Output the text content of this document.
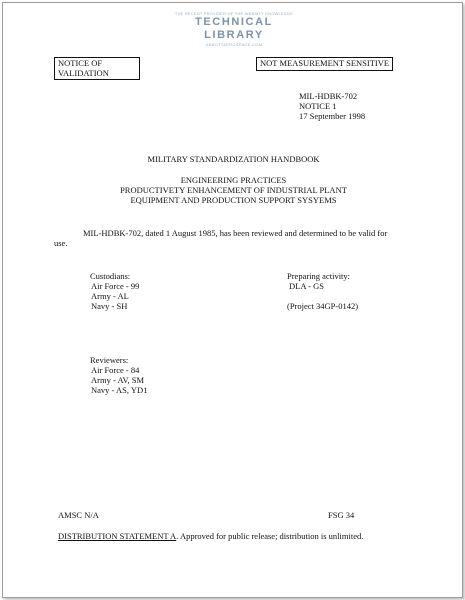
THE RECENT PROVIDER OF THE WEBSITY KNOWLEDGE
TECHNICAL LIBRARY
ABBOTTAEROSPACE.COM
NOTICE OF
VALIDATION
NOT MEASUREMENT SENSITIVE
MIL-HDBK-702
NOTICE 1
17 September 1998
MILITARY STANDARDIZATION HANDBOOK
ENGINEERING PRACTICES
PRODUCTIVETY ENHANCEMENT OF INDUSTRIAL PLANT
EQUIPMENT AND PRODUCTION SUPPORT SYSYEMS
MIL-HDBK-702, dated 1 August 1985, has been reviewed and determined to be valid for
use.
Custodians:
Air Force - 99
Army - AL
Navy - SH
Preparing activity:
DLA - GS
(Project 34GP-0142)
Reviewers:
Air Force - 84
Army - AV, SM
Navy - AS, YD1
AMSC N/A	FSG 34
DISTRIBUTION STATEMENT A. Approved for public release; distribution is unlimited.
